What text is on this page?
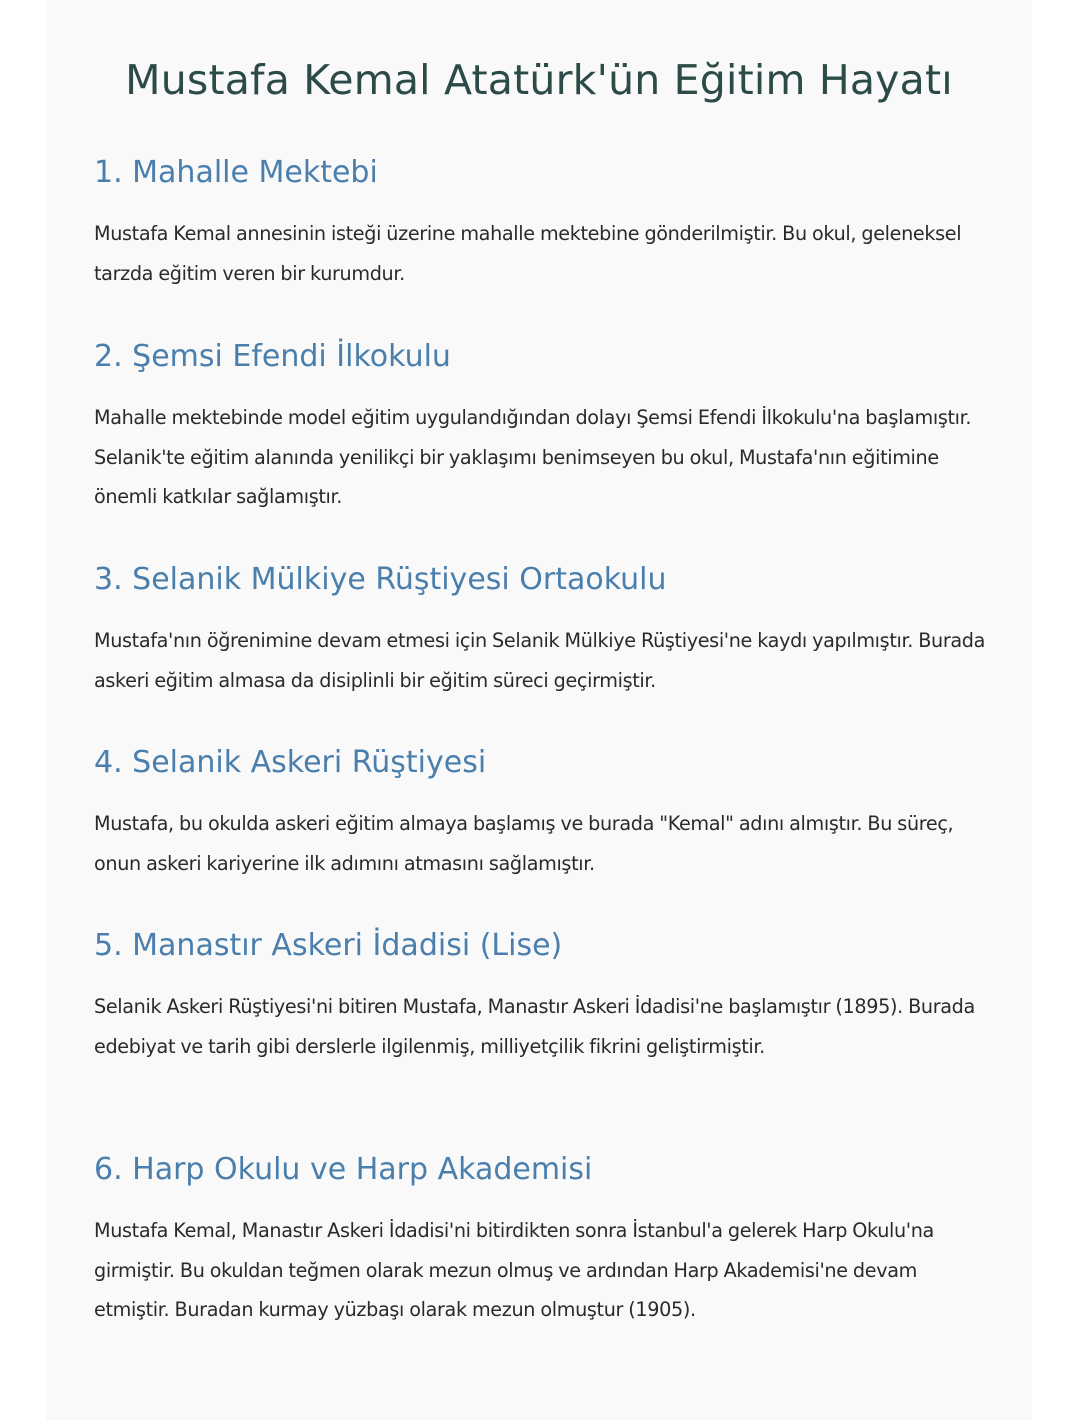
Mustafa Kemal Atatürk'ün Eğitim Hayatı
1. Mahalle Mektebi

Mustafa Kemal annesinin isteği üzerine mahalle mektebine gönderilmiştir. Bu okul, geleneksel tarzda eğitim veren bir kurumdur.

2. Şemsi Efendi İlkokulu

Mahalle mektebinde model eğitim uygulandığından dolayı Şemsi Efendi İlkokulu'na başlamıştır. Selanik'te eğitim alanında yenilikçi bir yaklaşımı benimseyen bu okul, Mustafa'nın eğitimine önemli katkılar sağlamıştır.

3. Selanik Mülkiye Rüştiyesi Ortaokulu

Mustafa'nın öğrenimine devam etmesi için Selanik Mülkiye Rüştiyesi'ne kaydı yapılmıştır. Burada askeri eğitim almasa da disiplinli bir eğitim süreci geçirmiştir.

4. Selanik Askeri Rüştiyesi

Mustafa, bu okulda askeri eğitim almaya başlamış ve burada "Kemal" adını almıştır. Bu süreç, onun askeri kariyerine ilk adımını atmasını sağlamıştır.

5. Manastır Askeri İdadisi (Lise)

Selanik Askeri Rüştiyesi'ni bitiren Mustafa, Manastır Askeri İdadisi'ne başlamıştır (1895). Burada edebiyat ve tarih gibi derslerle ilgilenmiş, milliyetçilik fikrini geliştirmiştir.

6. Harp Okulu ve Harp Akademisi

Mustafa Kemal, Manastır Askeri İdadisi'ni bitirdikten sonra İstanbul'a gelerek Harp Okulu'na girmiştir. Bu okuldan teğmen olarak mezun olmuş ve ardından Harp Akademisi'ne devam etmiştir. Buradan kurmay yüzbaşı olarak mezun olmuştur (1905).
